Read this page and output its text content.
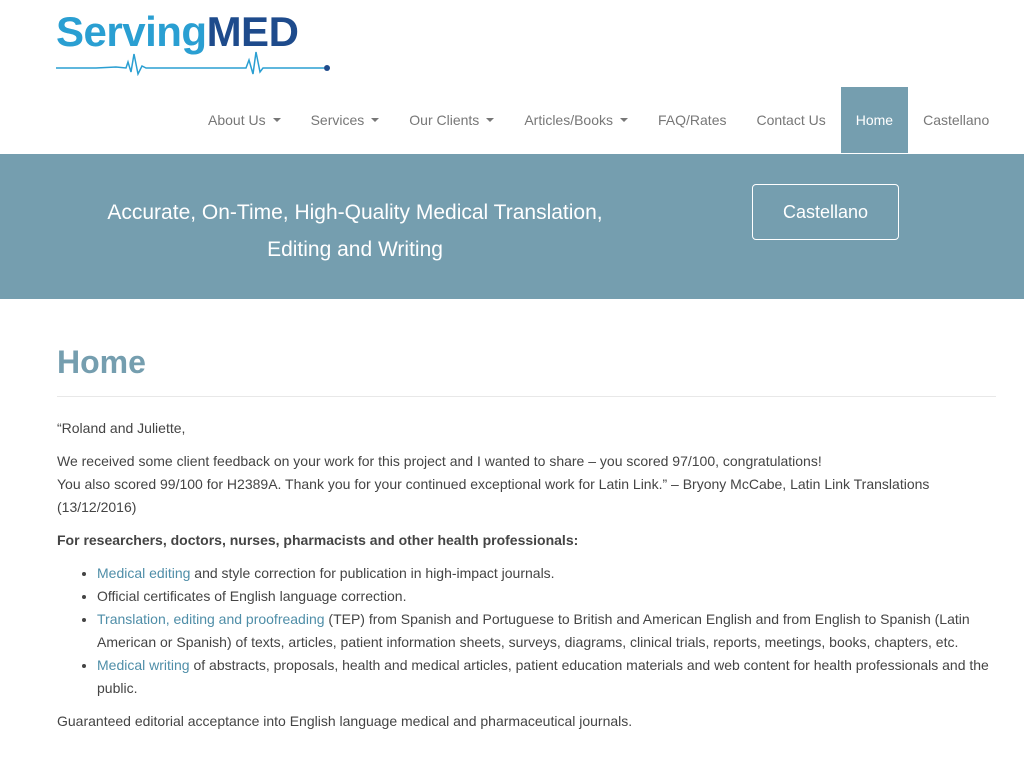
ServingMED
About Us	Services	Our Clients	Articles/Books	FAQ/Rates Contact Us Home Castellano
Accurate, On-Time, High-Quality Medical Translation,
Editing and Writing
Castellano
Home

“Roland and Juliette,

We received some client feedback on your work for this project and I wanted to share – you scored 97/100, congratulations!
You also scored 99/100 for H2389A. Thank you for your continued exceptional work for Latin Link.” – Bryony McCabe, Latin Link Translations (13/12/2016)

For researchers, doctors, nurses, pharmacists and other health professionals:

• Medical editing and style correction for publication in high-impact journals.
• Official certificates of English language correction.
• Translation, editing and proofreading (TEP) from Spanish and Portuguese to British and American English and from English to Spanish (Latin American or Spanish) of texts, articles, patient information sheets, surveys, diagrams, clinical trials, reports, meetings, books, chapters, etc.
• Medical writing of abstracts, proposals, health and medical articles, patient education materials and web content for health professionals and the public.

Guaranteed editorial acceptance into English language medical and pharmaceutical journals.
